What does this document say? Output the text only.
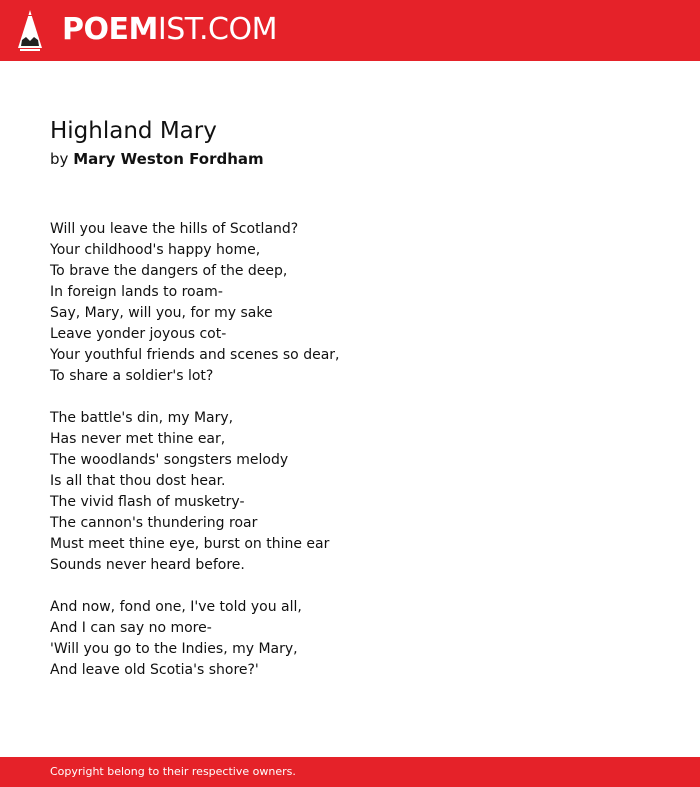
POEMIST.COM
Highland Mary
by Mary Weston Fordham
Will you leave the hills of Scotland?
Your childhood's happy home,
To brave the dangers of the deep,
In foreign lands to roam-
Say, Mary, will you, for my sake
Leave yonder joyous cot-
Your youthful friends and scenes so dear,
To share a soldier's lot?
The battle's din, my Mary,
Has never met thine ear,
The woodlands' songsters melody
Is all that thou dost hear.
The vivid flash of musketry-
The cannon's thundering roar
Must meet thine eye, burst on thine ear
Sounds never heard before.
And now, fond one, I've told you all,
And I can say no more-
'Will you go to the Indies, my Mary,
And leave old Scotia's shore?'
Copyright belong to their respective owners.
